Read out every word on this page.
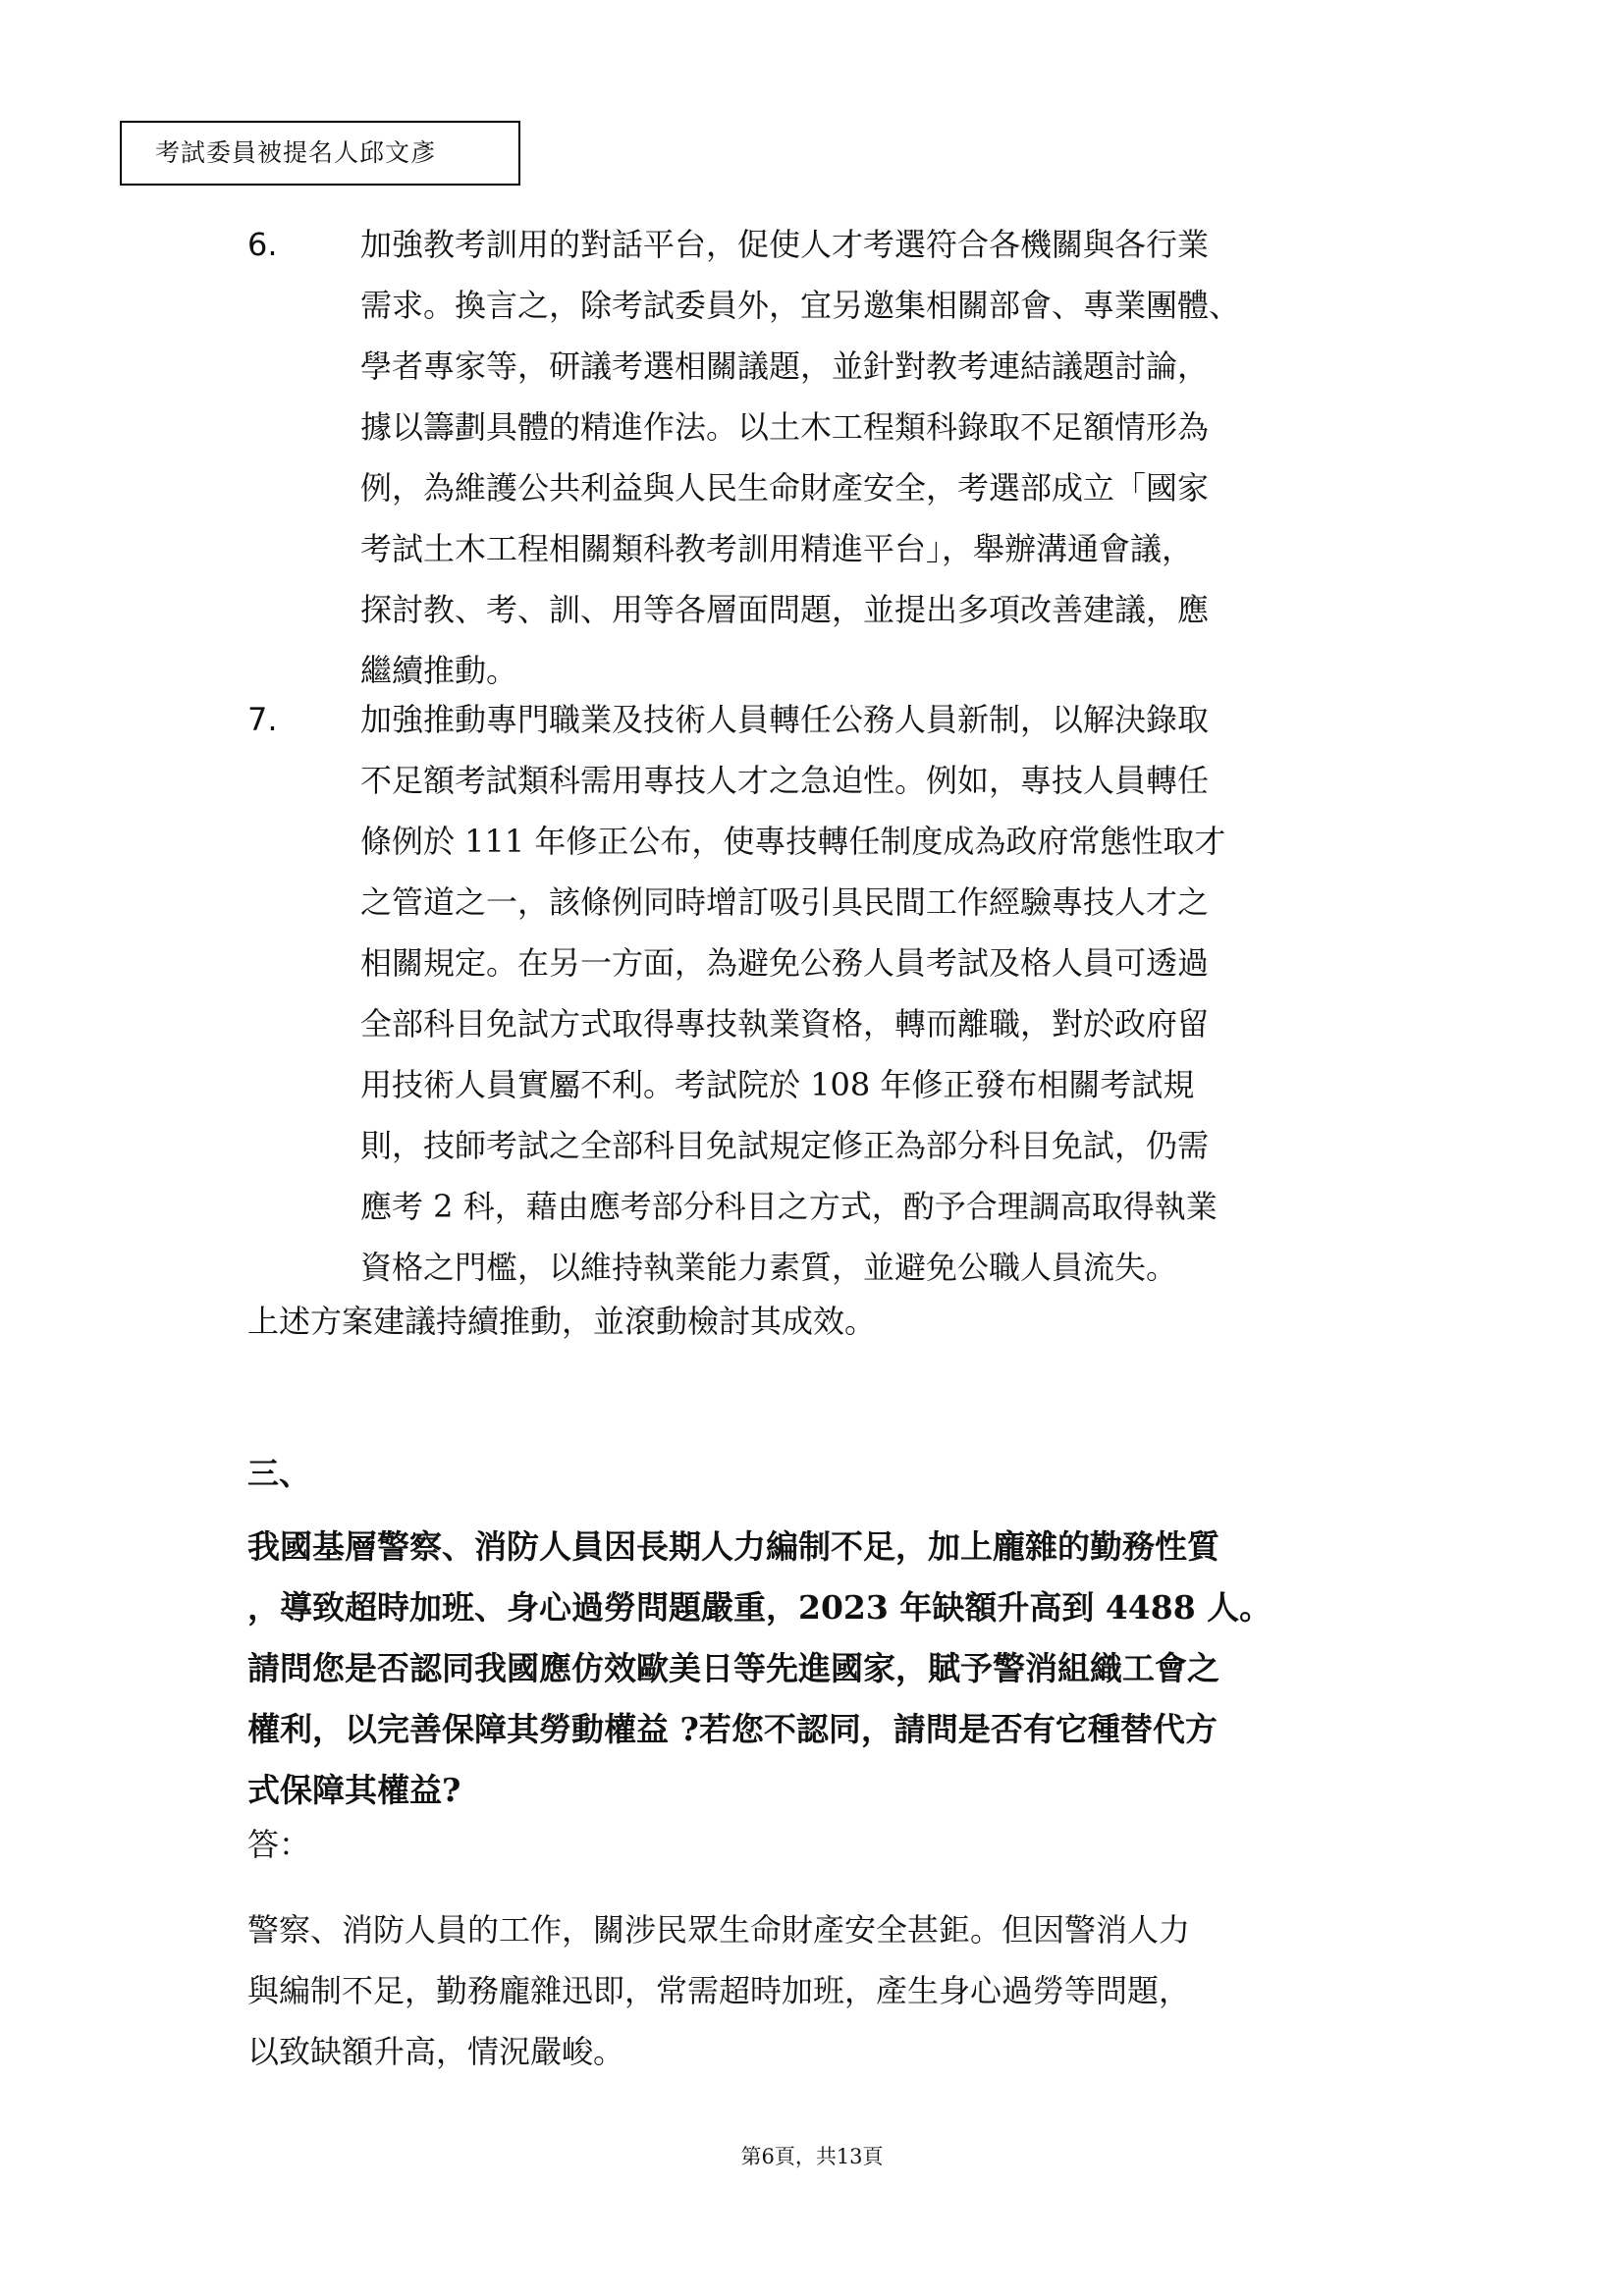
考試委員被提名人邱文彥
6.	加強教考訓用的對話平台，促使人才考選符合各機關與各行業
需求。換言之，除考試委員外，宜另邀集相關部會、專業團體、
學者專家等，研議考選相關議題，並針對教考連結議題討論，
據以籌劃具體的精進作法。以土木工程類科錄取不足額情形為
例，為維護公共利益與人民生命財產安全，考選部成立「國家
考試土木工程相關類科教考訓用精進平台」，舉辦溝通會議，
探討教、考、訓、用等各層面問題，並提出多項改善建議，應
繼續推動。
7.	加強推動專門職業及技術人員轉任公務人員新制，以解決錄取
不足額考試類科需用專技人才之急迫性。例如，專技人員轉任
條例於 111 年修正公布，使專技轉任制度成為政府常態性取才
之管道之一，該條例同時增訂吸引具民間工作經驗專技人才之
相關規定。在另一方面，為避免公務人員考試及格人員可透過
全部科目免試方式取得專技執業資格，轉而離職，對於政府留
用技術人員實屬不利。考試院於 108 年修正發布相關考試規
則，技師考試之全部科目免試規定修正為部分科目免試，仍需
應考 2 科，藉由應考部分科目之方式，酌予合理調高取得執業
資格之門檻，以維持執業能力素質，並避免公職人員流失。
上述方案建議持續推動，並滾動檢討其成效。
三、
我國基層警察、消防人員因長期人力編制不足，加上龐雜的勤務性質
，導致超時加班、身心過勞問題嚴重，2023 年缺額升高到 4488 人。
請問您是否認同我國應仿效歐美日等先進國家，賦予警消組織工會之
權利，以完善保障其勞動權益 ?若您不認同，請問是否有它種替代方
式保障其權益?
答：
警察、消防人員的工作，關涉民眾生命財產安全甚鉅。但因警消人力
與編制不足，勤務龐雜迅即，常需超時加班，產生身心過勞等問題，
以致缺額升高，情況嚴峻。
第6頁，共13頁
